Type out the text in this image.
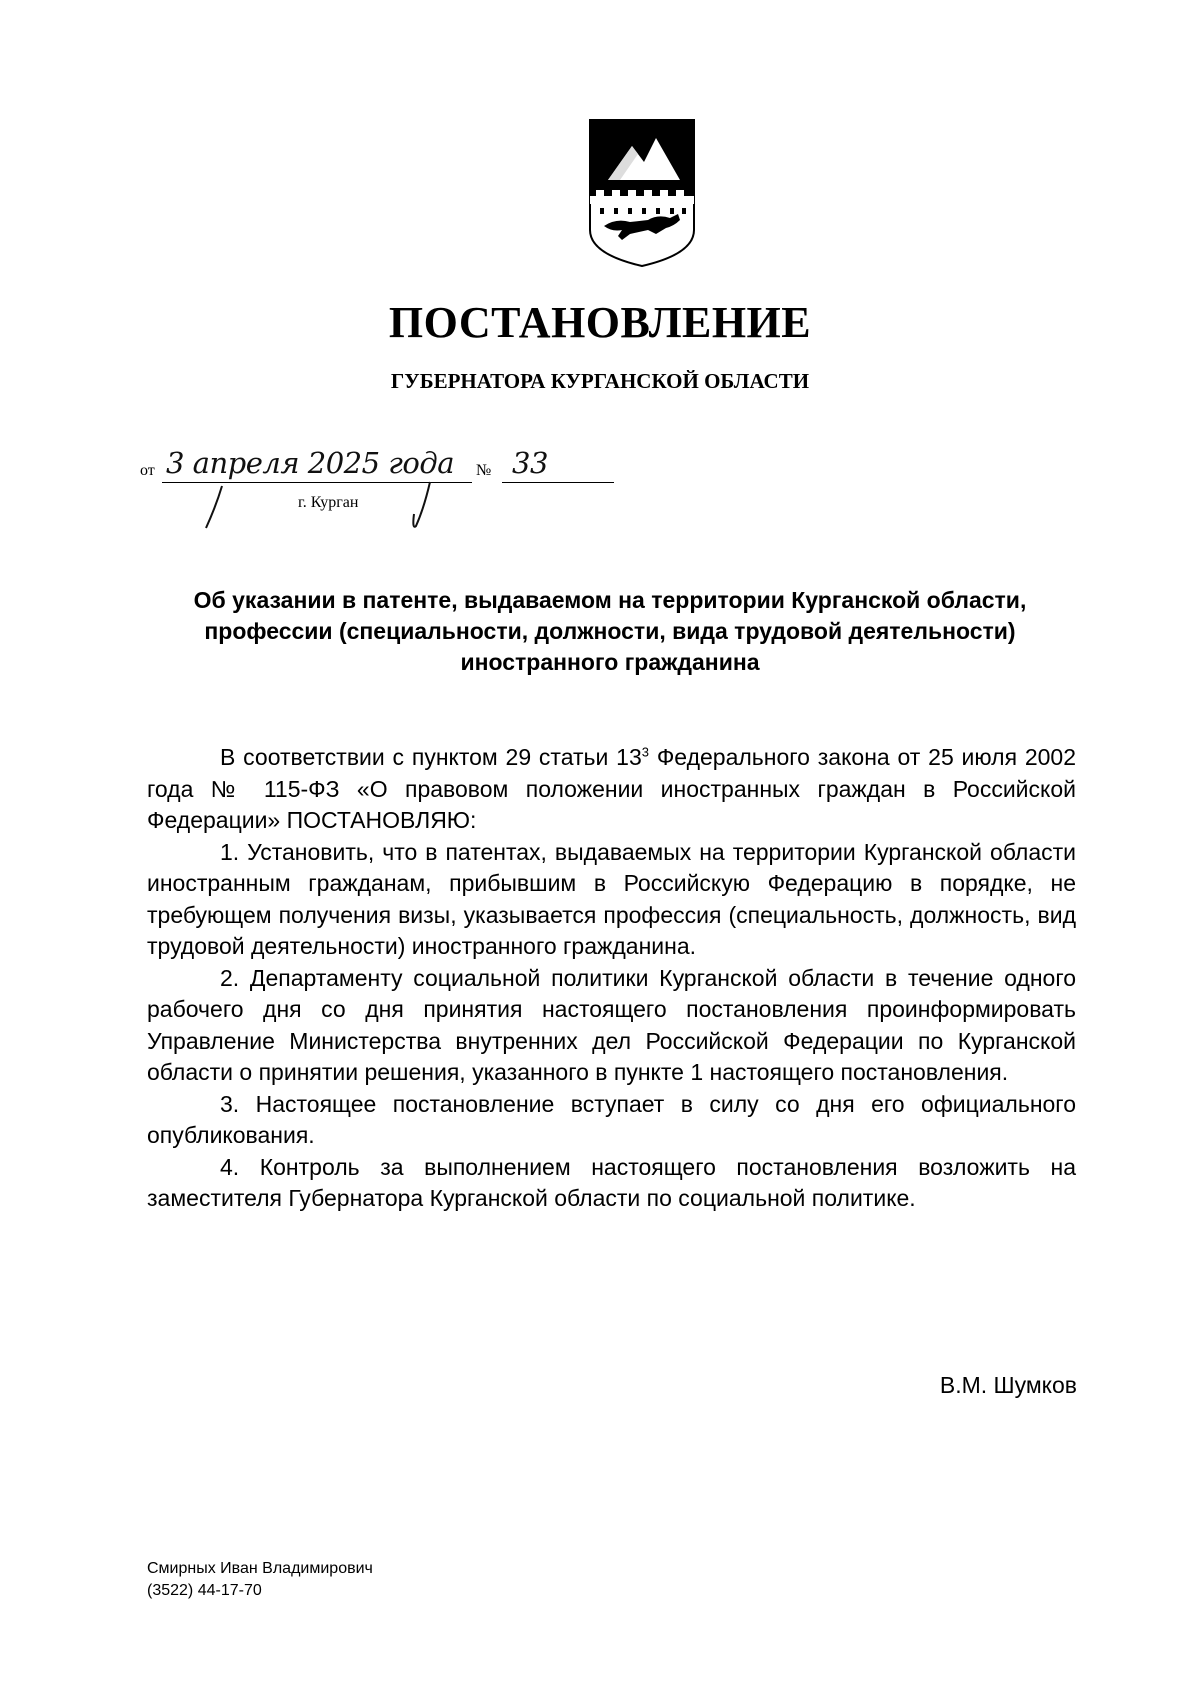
ПОСТАНОВЛЕНИЕ
ГУБЕРНАТОРА КУРГАНСКОЙ ОБЛАСТИ
от 3 апреля 2025 года № 33
г. Курган
Об указании в патенте, выдаваемом на территории Курганской области,
профессии (специальности, должности, вида трудовой деятельности)
иностранного гражданина

В соответствии с пунктом 29 статьи $13^3$ Федерального закона от 25 июля 2002 года № 115-ФЗ «О правовом положении иностранных граждан в Российской Федерации» ПОСТАНОВЛЯЮ:

1. Установить, что в патентах, выдаваемых на территории Курганской области иностранным гражданам, прибывшим в Российскую Федерацию в порядке, не требующем получения визы, указывается профессия (специальность, должность, вид трудовой деятельности) иностранного гражданина.

2. Департаменту социальной политики Курганской области в течение одного рабочего дня со дня принятия настоящего постановления проинформировать Управление Министерства внутренних дел Российской Федерации по Курганской области о принятии решения, указанного в пункте 1 настоящего постановления.

3. Настоящее постановление вступает в силу со дня его официального опубликования.

4. Контроль за выполнением настоящего постановления возложить на заместителя Губернатора Курганской области по социальной политике.

В.М. Шумков
Смирных Иван Владимирович
(3522) 44-17-70
